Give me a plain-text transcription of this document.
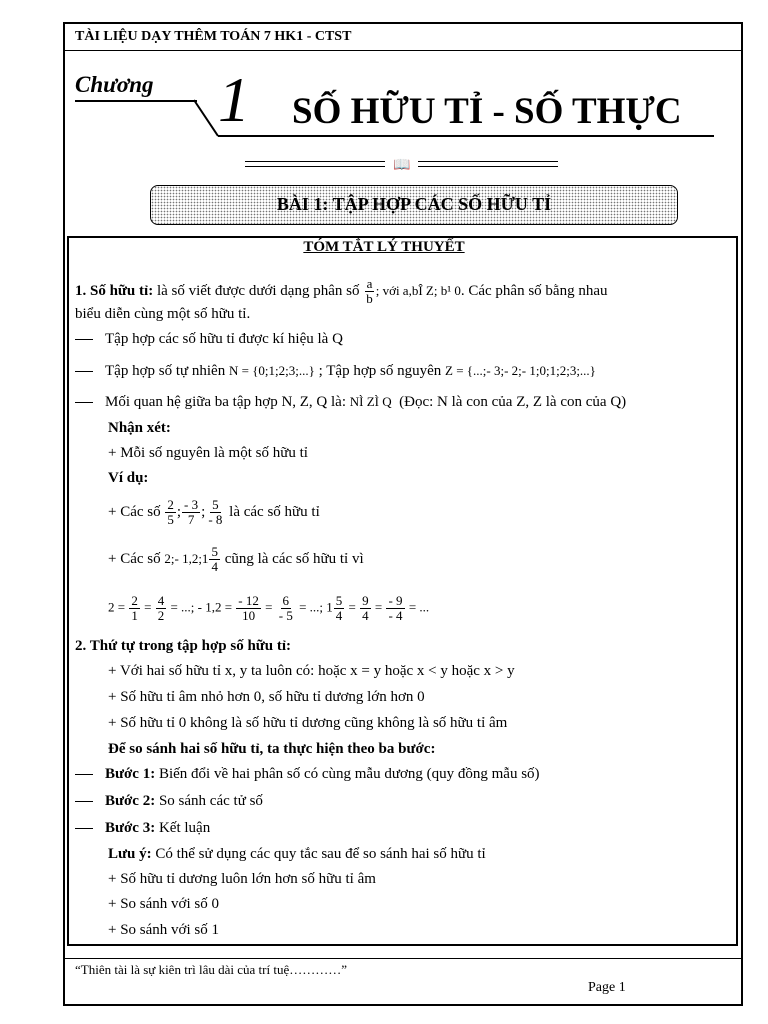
TÀI LIỆU DẠY THÊM TOÁN 7 HK1 - CTST
Chương 1 SỐ HỮU TỈ - SỐ THỰC
📖
BÀI 1: TẬP HỢP CÁC SỐ HỮU TỈ
TÓM TẮT LÝ THUYẾT
1. Số hữu tỉ: là số viết được dưới dạng phân số $\frac{a}{b}$ ; với a,bÎ Z; b¹ 0. Các phân số bằng nhau
biểu diễn cùng một số hữu tỉ.
Tập hợp các số hữu tỉ được kí hiệu là Q
Tập hợp số tự nhiên N = {0;1;2;3;...} ; Tập hợp số nguyên Z = {...;- 3;- 2;- 1;0;1;2;3;...}
Mối quan hệ giữa ba tập hợp N, Z, Q là: NÌ ZÌ Q (Đọc: N là con của Z, Z là con của Q)
Nhận xét:
+ Mỗi số nguyên là một số hữu tỉ
Ví dụ:
+ Các số $\frac{2}{5}$ ; $\frac{- 3}{7}$ ; $\frac{5}{- 8}$ là các số hữu tỉ
+ Các số 2;- 1,2;1 $\frac{5}{4}$ cũng là các số hữu tỉ vì
$2 = \frac{2}{1} = \frac{4}{2}$ = ...; - $1,2 = \frac{- 12}{10} = \frac{6}{- 5}$ = ...; $1 \frac{5}{4} = \frac{9}{4} = \frac{- 9}{- 4}$ = ...
2. Thứ tự trong tập hợp số hữu tỉ:
+ Với hai số hữu tỉ x, y ta luôn có: hoặc x = y hoặc x < y hoặc x > y
+ Số hữu tỉ âm nhỏ hơn 0, số hữu tỉ dương lớn hơn 0
+ Số hữu tỉ 0 không là số hữu tỉ dương cũng không là số hữu tỉ âm
Để so sánh hai số hữu tỉ, ta thực hiện theo ba bước:
Bước 1: Biến đổi về hai phân số có cùng mẫu dương (quy đồng mẫu số)
Bước 2: So sánh các tử số
Bước 3: Kết luận
Lưu ý: Có thể sử dụng các quy tắc sau để so sánh hai số hữu tỉ
+ Số hữu tỉ dương luôn lớn hơn số hữu tỉ âm
+ So sánh với số 0
+ So sánh với số 1
“Thiên tài là sự kiên trì lâu dài của trí tuệ…………”
Page 1
